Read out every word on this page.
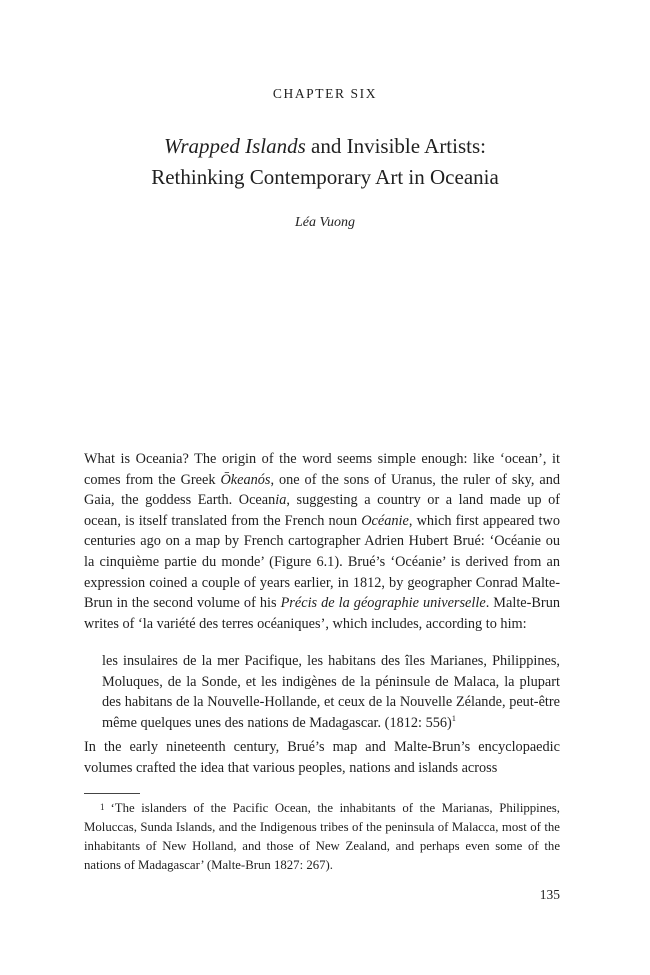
CHAPTER SIX
Wrapped Islands and Invisible Artists:
Rethinking Contemporary Art in Oceania
Léa Vuong

What is Oceania? The origin of the word seems simple enough: like ‘ocean’, it comes from the Greek Ōkeanós, one of the sons of Uranus, the ruler of sky, and Gaia, the goddess Earth. Oceania, suggesting a country or a land made up of ocean, is itself translated from the French noun Océanie, which first appeared two centuries ago on a map by French cartographer Adrien Hubert Brué: ‘Océanie ou la cinquième partie du monde’ (Figure 6.1). Brué’s ‘Océanie’ is derived from an expression coined a couple of years earlier, in 1812, by geographer Conrad Malte-Brun in the second volume of his Précis de la géographie universelle. Malte-Brun writes of ‘la variété des terres océaniques’, which includes, according to him:

les insulaires de la mer Pacifique, les habitans des îles Marianes, Philippines, Moluques, de la Sonde, et les indigènes de la péninsule de Malaca, la plupart des habitans de la Nouvelle-Hollande, et ceux de la Nouvelle Zélande, peut-être même quelques unes des nations de Madagascar. (1812: 556)$^1$

In the early nineteenth century, Brué’s map and Malte-Brun’s encyclopaedic volumes crafted the idea that various peoples, nations and islands across

1 ‘The islanders of the Pacific Ocean, the inhabitants of the Marianas, Philippines, Moluccas, Sunda Islands, and the Indigenous tribes of the peninsula of Malacca, most of the inhabitants of New Holland, and those of New Zealand, and perhaps even some of the nations of Madagascar’ (Malte-Brun 1827: 267).
135
